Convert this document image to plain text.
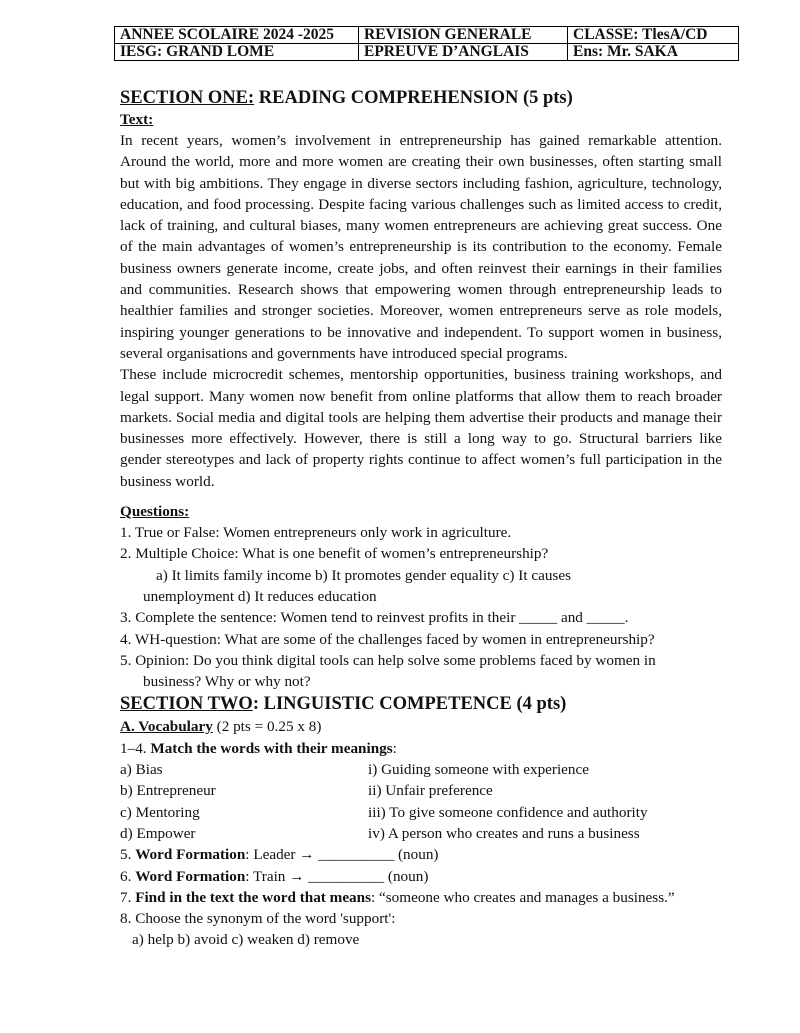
ANNEE SCOLAIRE 2024 -2025	REVISION GENERALE	CLASSE: TlesA/CD
IESG: GRAND LOME	EPREUVE D’ANGLAIS	Ens: Mr. SAKA

SECTION ONE: READING COMPREHENSION (5 pts)

Text:

In recent years, women’s involvement in entrepreneurship has gained remarkable attention. Around the world, more and more women are creating their own businesses, often starting small but with big ambitions. They engage in diverse sectors including fashion, agriculture, technology, education, and food processing. Despite facing various challenges such as limited access to credit, lack of training, and cultural biases, many women entrepreneurs are achieving great success. One of the main advantages of women’s entrepreneurship is its contribution to the economy. Female business owners generate income, create jobs, and often reinvest their earnings in their families and communities. Research shows that empowering women through entrepreneurship leads to healthier families and stronger societies. Moreover, women entrepreneurs serve as role models, inspiring younger generations to be innovative and independent. To support women in business, several organisations and governments have introduced special programs.

These include microcredit schemes, mentorship opportunities, business training workshops, and legal support. Many women now benefit from online platforms that allow them to reach broader markets. Social media and digital tools are helping them advertise their products and manage their businesses more effectively. However, there is still a long way to go. Structural barriers like gender stereotypes and lack of property rights continue to affect women’s full participation in the business world.

Questions:

1. True or False: Women entrepreneurs only work in agriculture.

2. Multiple Choice: What is one benefit of women’s entrepreneurship?

a) It limits family income b) It promotes gender equality c) It causes

unemployment d) It reduces education

3. Complete the sentence: Women tend to reinvest profits in their _____ and _____.

4. WH-question: What are some of the challenges faced by women in entrepreneurship?

5. Opinion: Do you think digital tools can help solve some problems faced by women in

business? Why or why not?

SECTION TWO: LINGUISTIC COMPETENCE (4 pts)

A. Vocabulary (2 pts = 0.25 x 8)

1–4. Match the words with their meanings:

a) Bias	i) Guiding someone with experience
b) Entrepreneur	ii) Unfair preference
c) Mentoring	iii) To give someone confidence and authority
d) Empower	iv) A person who creates and runs a business

5. Word Formation: Leader → __________ (noun)

6. Word Formation: Train → __________ (noun)

7. Find in the text the word that means: “someone who creates and manages a business.”

8. Choose the synonym of the word 'support':

a) help b) avoid c) weaken d) remove
